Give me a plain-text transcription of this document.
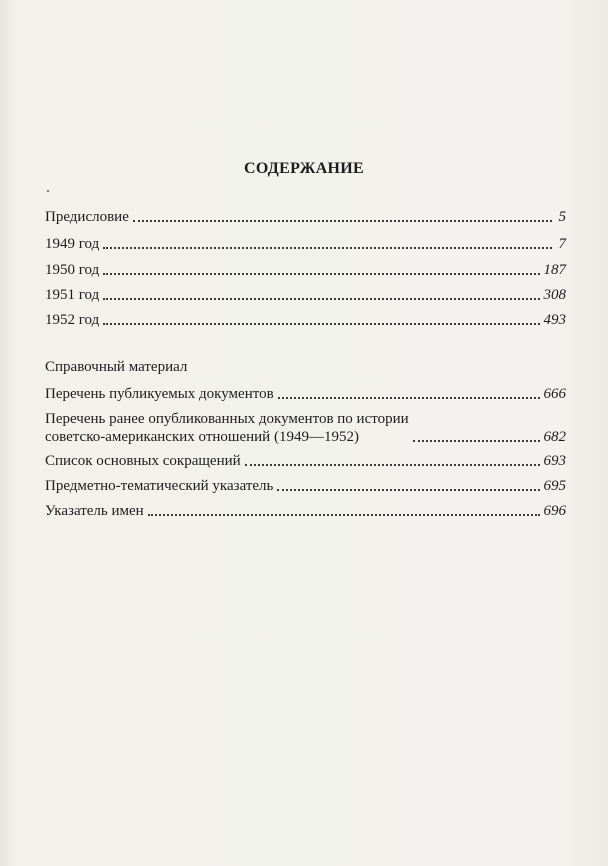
СОДЕРЖАНИЕ
Предисловие	5
1949 год	7
1950 год	187
1951 год	308
1952 год	493
Справочный материал
Перечень публикуемых документов	666
Перечень ранее опубликованных документов по истории
советско-американских отношений (1949—1952)	682
Список основных сокращений	693
Предметно-тематический указатель	695
Указатель имен	696
